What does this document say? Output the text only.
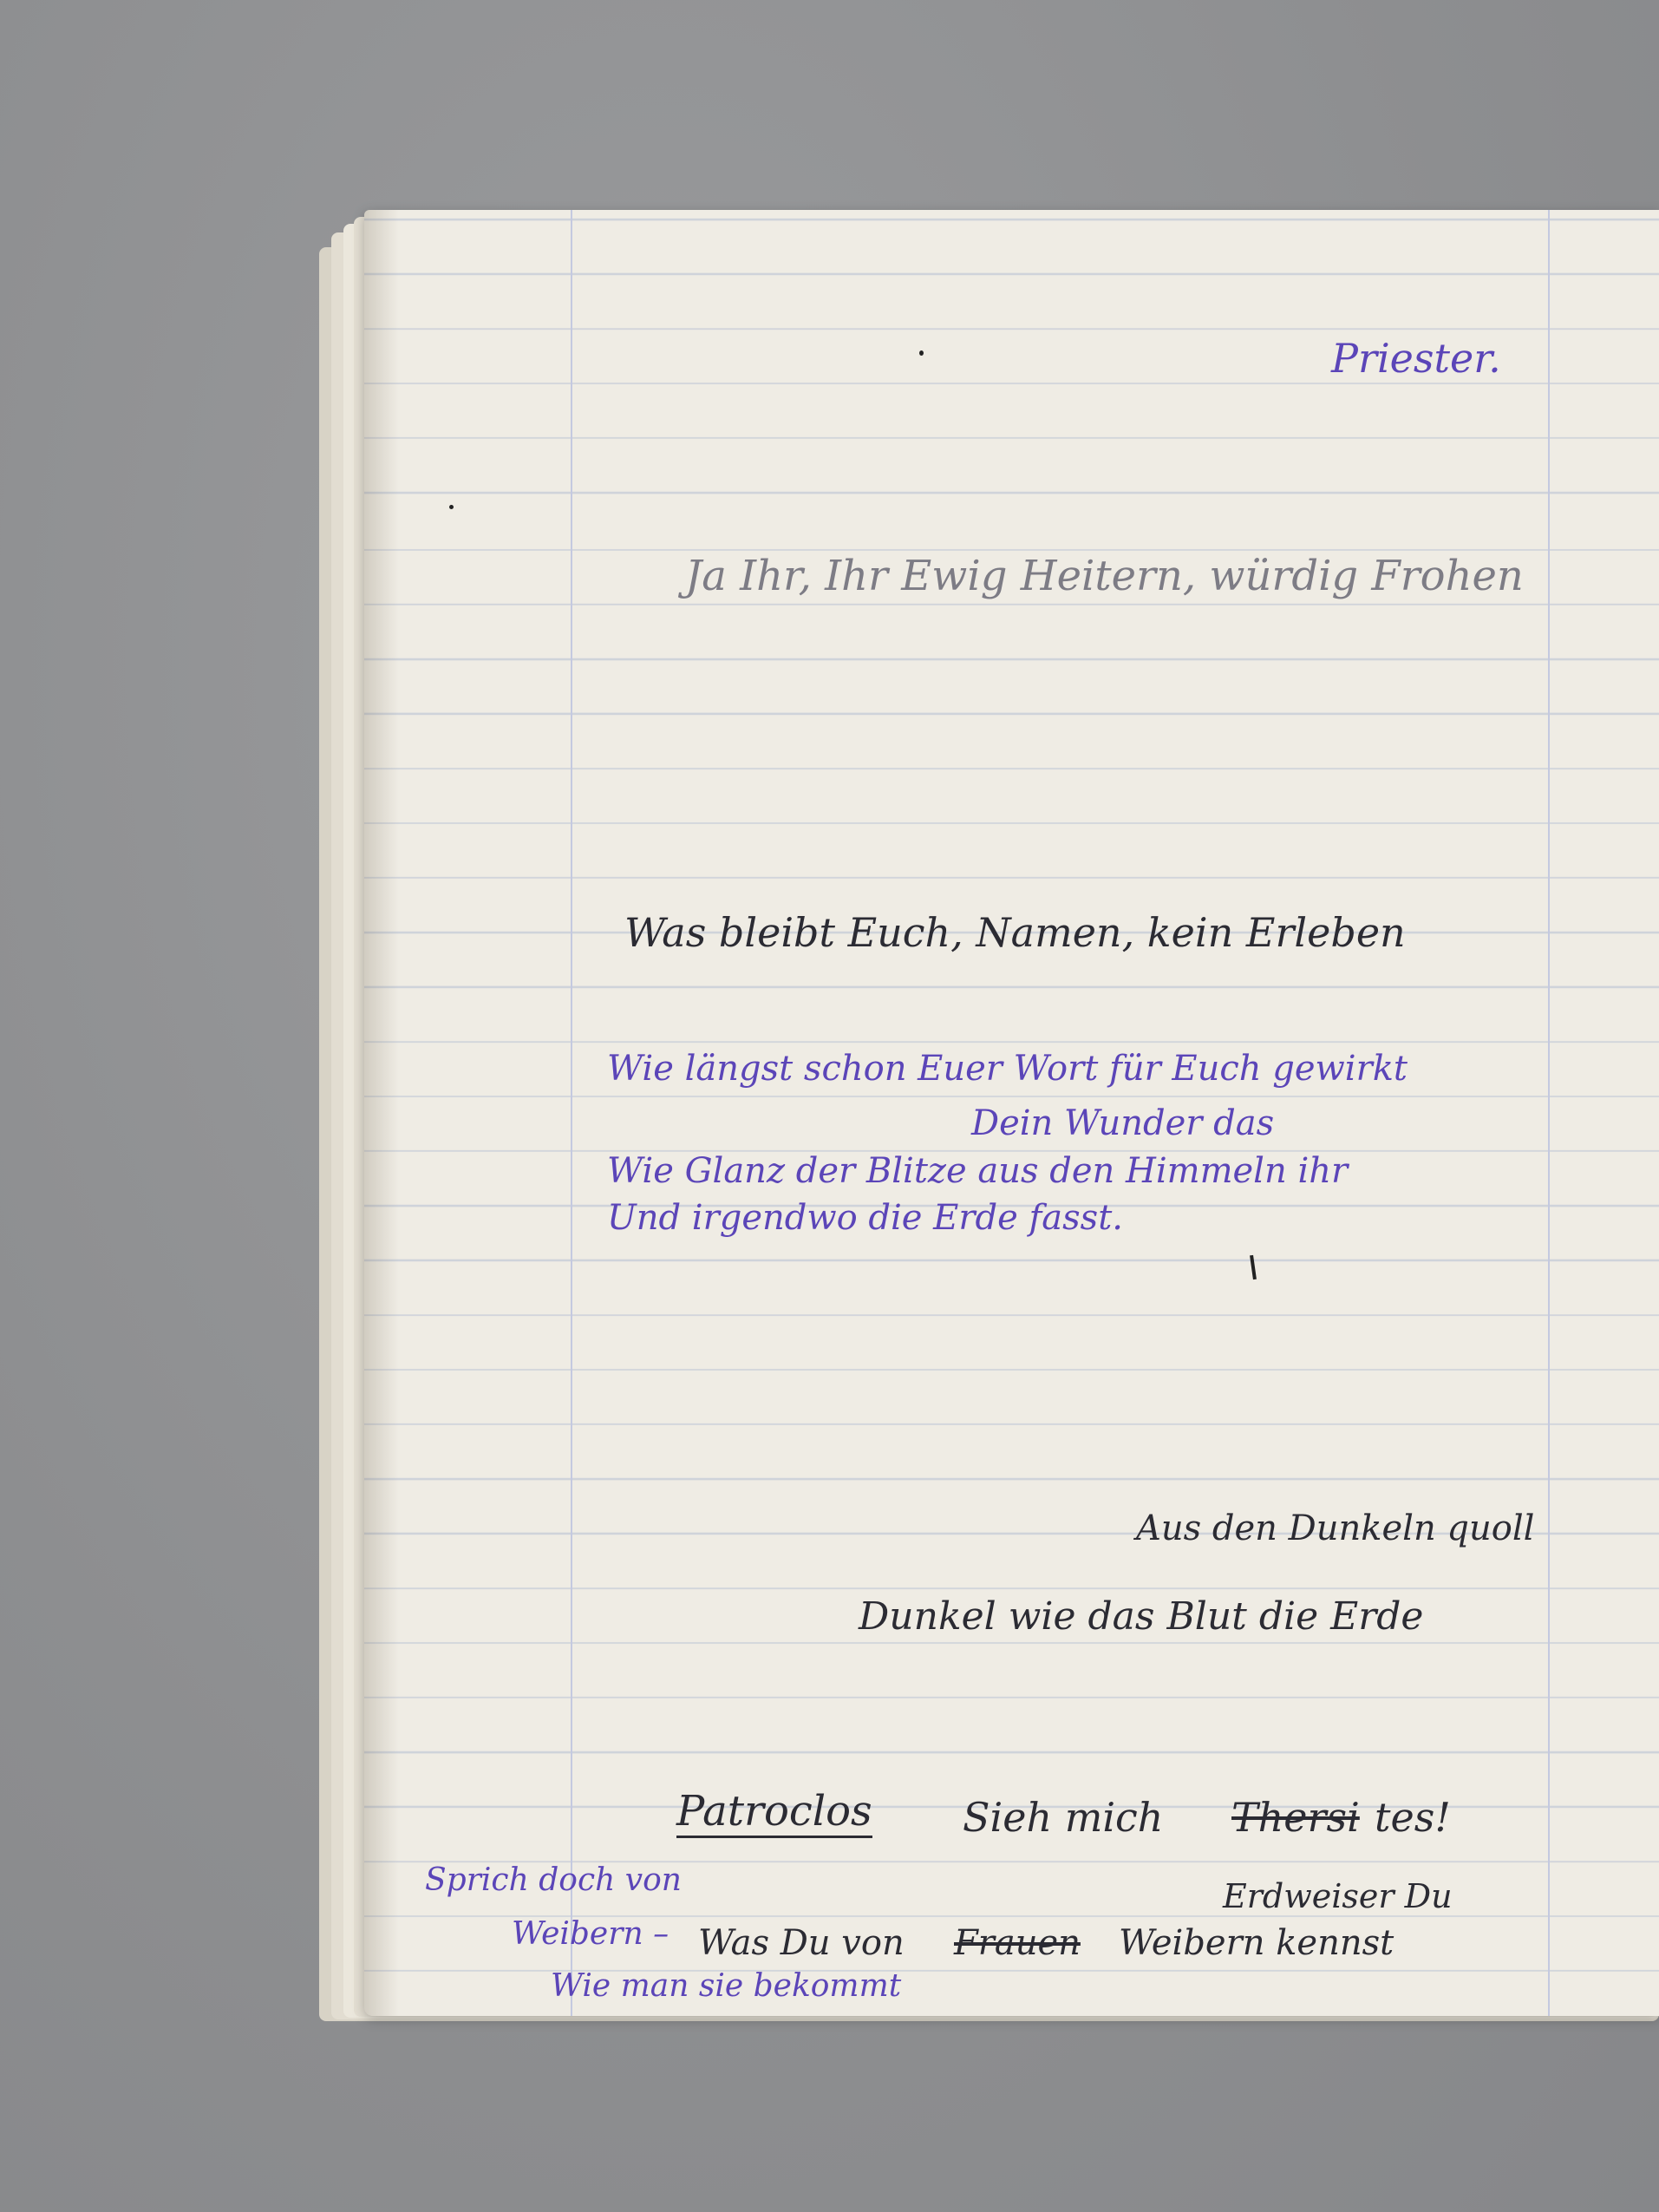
Priester.
Ja Ihr, Ihr Ewig Heitern, würdig Frohen
Was bleibt Euch, Namen, kein Erleben
Wie längst schon Euer Wort für Euch gewirkt
Dein Wunder das
Wie Glanz der Blitze aus den Himmeln ihr
Und irgendwo die Erde fasst.
Aus den Dunkeln quoll
Dunkel wie das Blut die Erde
Patroclos Sieh mich Thersi tes!
Erdweiser Du
Was Du von Frauen Weibern kennst
Sprich doch von
Weibern –
Wie man sie bekommt
